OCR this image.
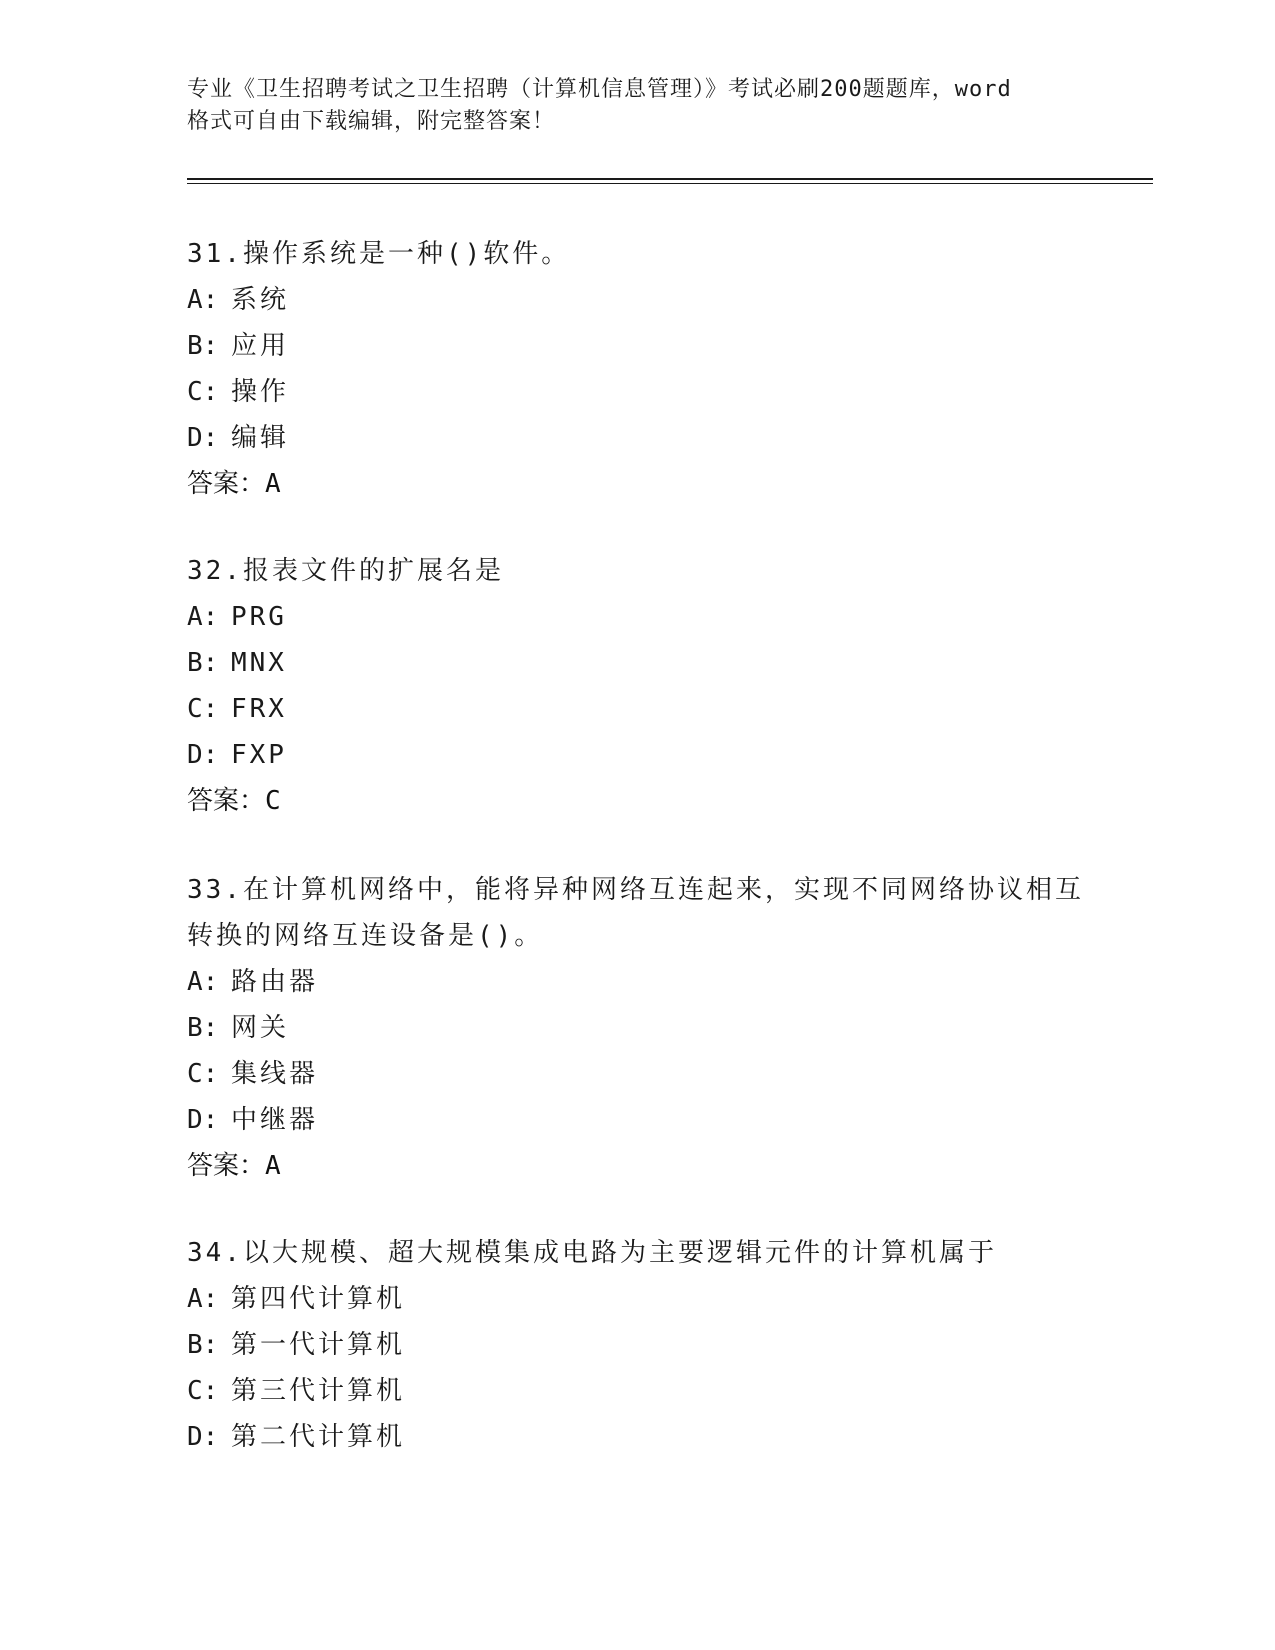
专业《卫生招聘考试之卫生招聘（计算机信息管理）》考试必刷200题题库，word
格式可自由下载编辑，附完整答案！

31.操作系统是一种()软件。

A: 系统

B: 应用

C: 操作

D: 编辑

答案：A

32.报表文件的扩展名是

A: PRG

B: MNX

C: FRX

D: FXP

答案：C

33.在计算机网络中，能将异种网络互连起来，实现不同网络协议相互

转换的网络互连设备是()。

A: 路由器

B: 网关

C: 集线器

D: 中继器

答案：A

34.以大规模、超大规模集成电路为主要逻辑元件的计算机属于

A: 第四代计算机

B: 第一代计算机

C: 第三代计算机

D: 第二代计算机
